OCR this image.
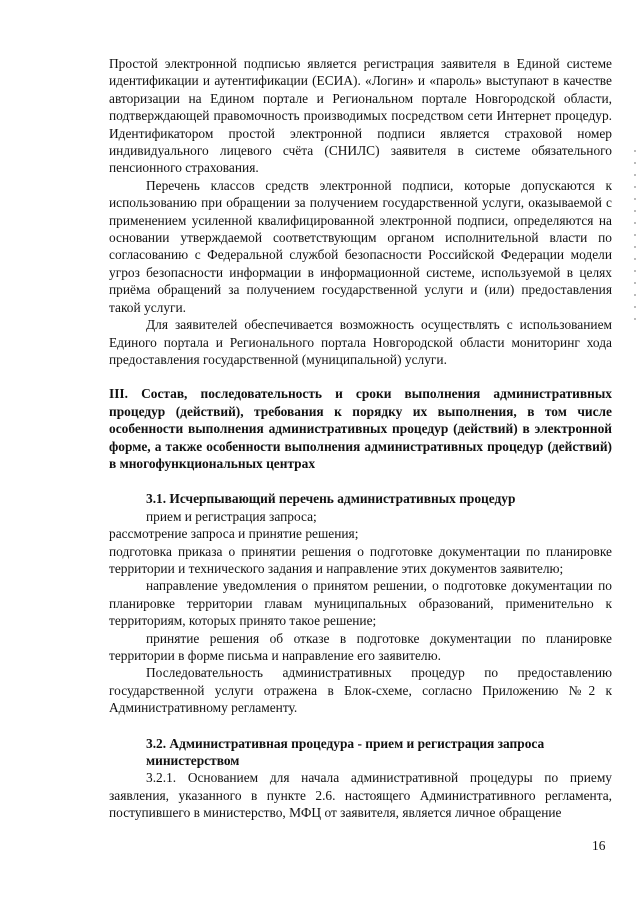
Простой электронной подписью является регистрация заявителя в Единой системе идентификации и аутентификации (ЕСИА). «Логин» и «пароль» выступают в качестве авторизации на Едином портале и Региональном портале Новгородской области, подтверждающей правомочность производимых посредством сети Интернет процедур. Идентификатором простой электронной подписи является страховой номер индивидуального лицевого счёта (СНИЛС) заявителя в системе обязательного пенсионного страхования.

Перечень классов средств электронной подписи, которые допускаются к использованию при обращении за получением государственной услуги, оказываемой с применением усиленной квалифицированной электронной подписи, определяются на основании утверждаемой соответствующим органом исполнительной власти по согласованию с Федеральной службой безопасности Российской Федерации модели угроз безопасности информации в информационной системе, используемой в целях приёма обращений за получением государственной услуги и (или) предоставления такой услуги.

Для заявителей обеспечивается возможность осуществлять с использованием Единого портала и Регионального портала Новгородской области мониторинг хода предоставления государственной (муниципальной) услуги.

III. Состав, последовательность и сроки выполнения административных процедур (действий), требования к порядку их выполнения, в том числе особенности выполнения административных процедур (действий) в электронной форме, а также особенности выполнения административных процедур (действий) в многофункциональных центрах

3.1. Исчерпывающий перечень административных процедур

прием и регистрация запроса;

рассмотрение запроса и принятие решения;

подготовка приказа о принятии решения о подготовке документации по планировке территории и технического задания и направление этих документов заявителю;

направление уведомления о принятом решении, о подготовке документации по планировке территории главам муниципальных образований, применительно к территориям, которых принято такое решение;

принятие решения об отказе в подготовке документации по планировке территории в форме письма и направление его заявителю.

Последовательность административных процедур по предоставлению государственной услуги отражена в Блок-схеме, согласно Приложению №2 к Административному регламенту.

3.2. Административная процедура - прием и регистрация запроса министерством

3.2.1. Основанием для начала административной процедуры по приему заявления, указанного в пункте 2.6. настоящего Административного регламента, поступившего в министерство, МФЦ от заявителя, является личное обращение

16
